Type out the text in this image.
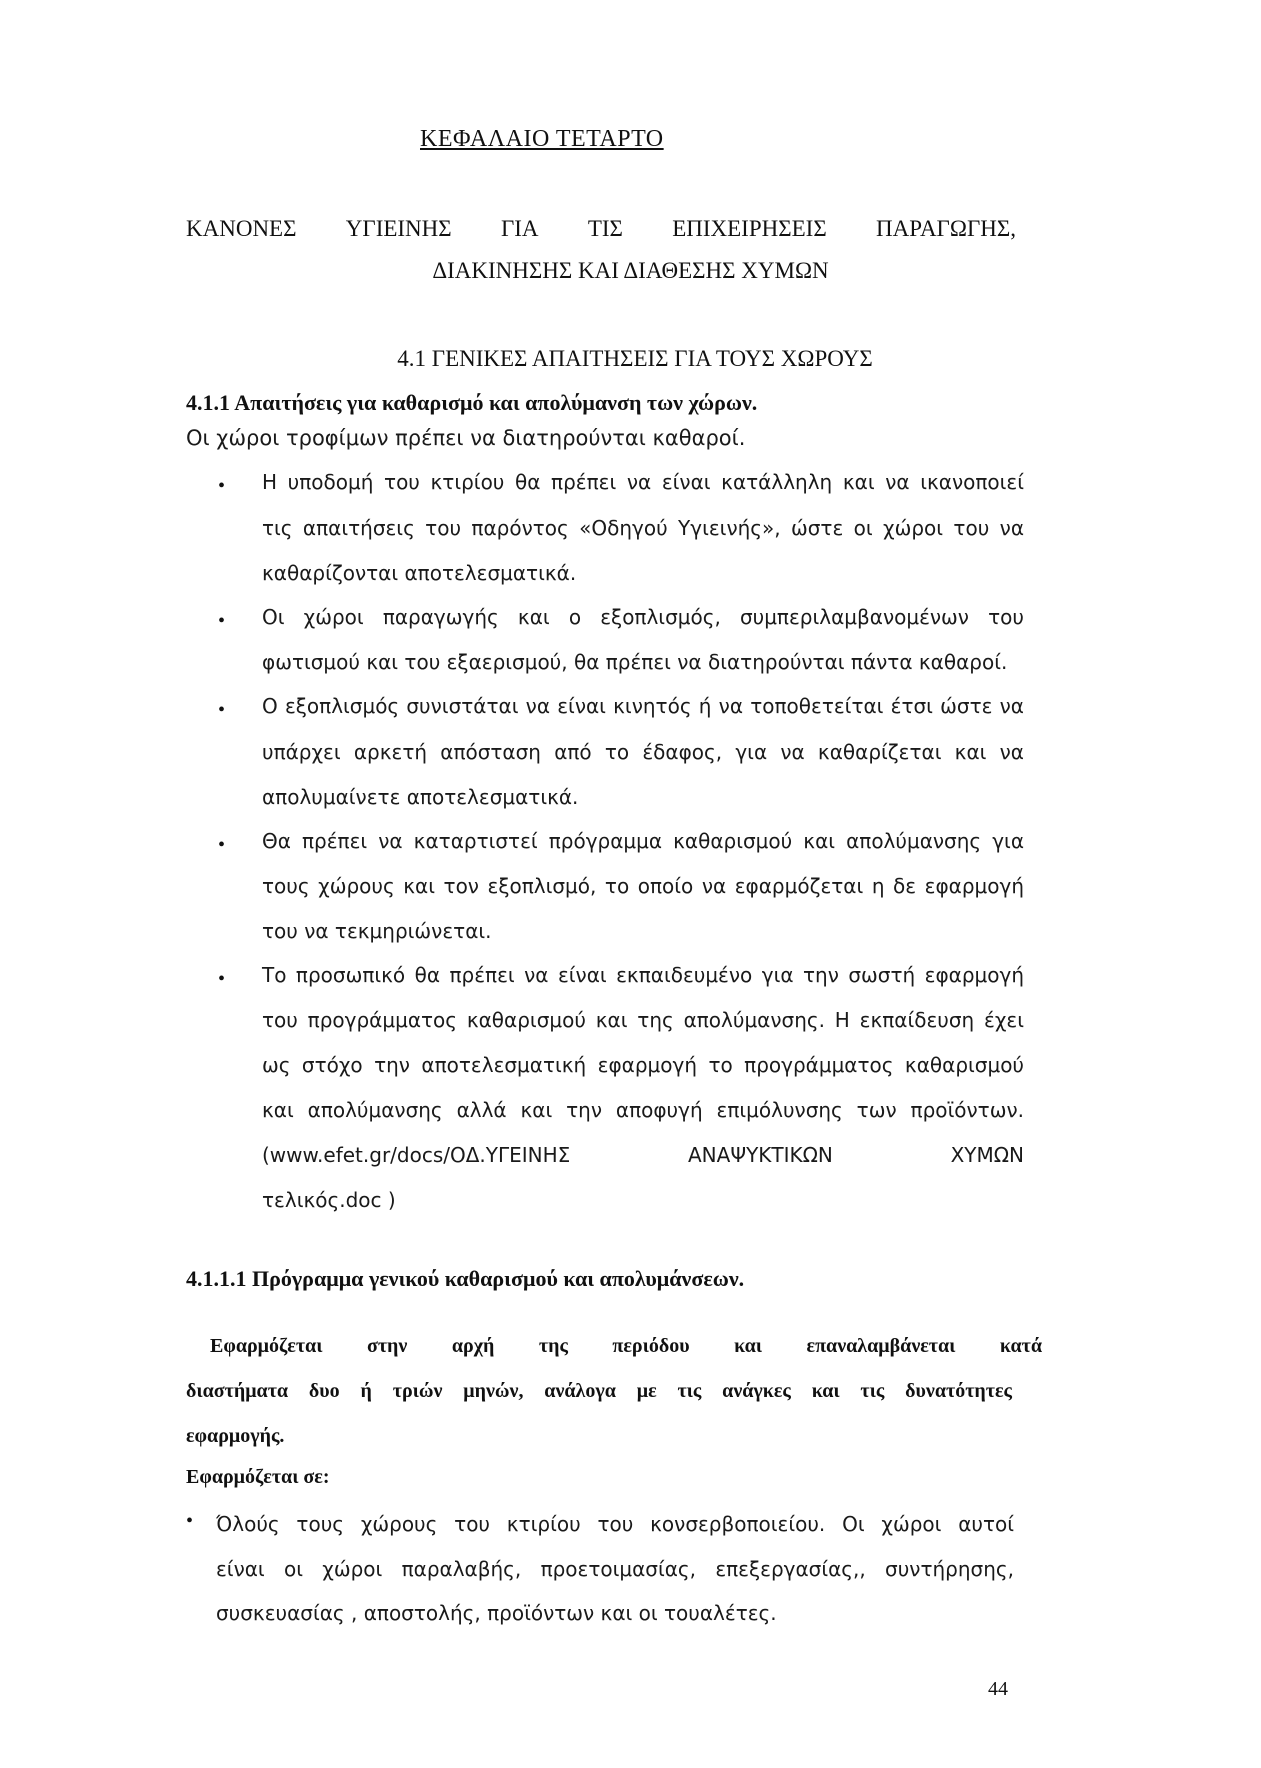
ΚΕΦΑΛΑΙΟ ΤΕΤΑΡΤΟ
ΚΑΝΟΝΕΣ ΥΓΙΕΙΝΗΣ ΓΙΑ ΤΙΣ ΕΠΙΧΕΙΡΗΣΕΙΣ ΠΑΡΑΓΩΓΗΣ,
ΔΙΑΚΙΝΗΣΗΣ ΚΑΙ ΔΙΑΘΕΣΗΣ ΧΥΜΩΝ
4.1 ΓΕΝΙΚΕΣ ΑΠΑΙΤΗΣΕΙΣ ΓΙΑ ΤΟΥΣ ΧΩΡΟΥΣ
4.1.1 Απαιτήσεις για καθαρισμό και απολύμανση των χώρων.
Οι χώροι τροφίμων πρέπει να διατηρούνται καθαροί.
•	Η υποδομή του κτιρίου θα πρέπει να είναι κατάλληλη και να ικανοποιεί
τις απαιτήσεις του παρόντος «Οδηγού Υγιεινής», ώστε οι χώροι του να
καθαρίζονται αποτελεσματικά.
•	Οι χώροι παραγωγής και ο εξοπλισμός, συμπεριλαμβανομένων του
φωτισμού και του εξαερισμού, θα πρέπει να διατηρούνται πάντα καθαροί.
•	Ο εξοπλισμός συνιστάται να είναι κινητός ή να τοποθετείται έτσι ώστε να
υπάρχει αρκετή απόσταση από το έδαφος, για να καθαρίζεται και να
απολυμαίνετε αποτελεσματικά.
•	Θα πρέπει να καταρτιστεί πρόγραμμα καθαρισμού και απολύμανσης για
τους χώρους και τον εξοπλισμό, το οποίο να εφαρμόζεται η δε εφαρμογή
του να τεκμηριώνεται.
•	Το προσωπικό θα πρέπει να είναι εκπαιδευμένο για την σωστή εφαρμογή
του προγράμματος καθαρισμού και της απολύμανσης. Η εκπαίδευση έχει
ως στόχο την αποτελεσματική εφαρμογή το προγράμματος καθαρισμού
και απολύμανσης αλλά και την αποφυγή επιμόλυνσης των προϊόντων.
(www.efet.gr/docs/ΟΔ.ΥΓΕΙΝΗΣ ΑΝΑΨΥΚΤΙΚΩΝ ΧΥΜΩΝ
τελικός.doc )
4.1.1.1 Πρόγραμμα γενικού καθαρισμού και απολυμάνσεων.
Εφαρμόζεται στην αρχή της περιόδου και επαναλαμβάνεται κατά
διαστήματα δυο ή τριών μηνών, ανάλογα με τις ανάγκες και τις δυνατότητες
εφαρμογής.
Εφαρμόζεται σε:
• Όλούς τους χώρους του κτιρίου του κονσερβοποιείου. Οι χώροι αυτοί
είναι οι χώροι παραλαβής, προετοιμασίας, επεξεργασίας,, συντήρησης,
συσκευασίας , αποστολής, προϊόντων και οι τουαλέτες.
44
